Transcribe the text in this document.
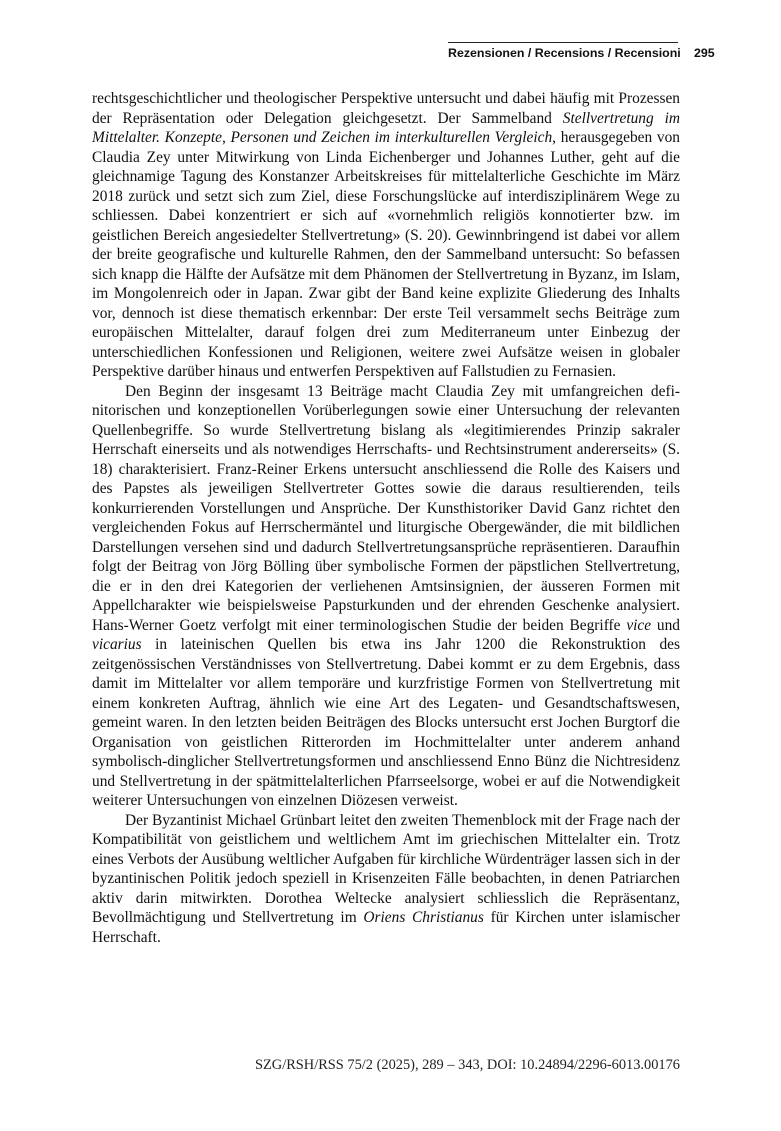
Rezensionen / Recensions / Recensioni 295

rechtsgeschichtlicher und theologischer Perspektive untersucht und dabei häufig mit Prozessen der Repräsentation oder Delegation gleichgesetzt. Der Sammelband Stellvertretung im Mittelalter. Konzepte, Personen und Zeichen im interkulturellen Vergleich, herausgegeben von Claudia Zey unter Mitwirkung von Linda Eichenberger und Johannes Luther, geht auf die gleichnamige Tagung des Konstanzer Arbeitskreises für mittelalterliche Geschichte im März 2018 zurück und setzt sich zum Ziel, diese Forschungslücke auf interdisziplinärem Wege zu schliessen. Dabei konzentriert er sich auf «vornehmlich religiös konnotierter bzw. im geistlichen Bereich angesiedelter Stellvertretung» (S. 20). Gewinnbringend ist dabei vor allem der breite geografische und kulturelle Rahmen, den der Sammelband untersucht: So befassen sich knapp die Hälfte der Aufsätze mit dem Phänomen der Stellvertretung in Byzanz, im Islam, im Mongolenreich oder in Japan. Zwar gibt der Band keine explizite Gliederung des Inhalts vor, dennoch ist diese thematisch erkennbar: Der erste Teil versammelt sechs Beiträge zum europäischen Mittelalter, darauf folgen drei zum Mediterraneum unter Einbezug der unterschiedlichen Konfessionen und Religionen, weitere zwei Aufsätze weisen in globaler Perspektive darüber hinaus und entwerfen Perspektiven auf Fallstudien zu Fernasien.

Den Beginn der insgesamt 13 Beiträge macht Claudia Zey mit umfangreichen definitorischen und konzeptionellen Vorüberlegungen sowie einer Untersuchung der relevanten Quellenbegriffe. So wurde Stellvertretung bislang als «legitimierendes Prinzip sakraler Herrschaft einerseits und als notwendiges Herrschafts- und Rechtsinstrument andererseits» (S. 18) charakterisiert. Franz-Reiner Erkens untersucht anschliessend die Rolle des Kaisers und des Papstes als jeweiligen Stellvertreter Gottes sowie die daraus resultierenden, teils konkurrierenden Vorstellungen und Ansprüche. Der Kunsthistoriker David Ganz richtet den vergleichenden Fokus auf Herrschermäntel und liturgische Obergewänder, die mit bildlichen Darstellungen versehen sind und dadurch Stellvertretungsansprüche repräsentieren. Daraufhin folgt der Beitrag von Jörg Bölling über symbolische Formen der päpstlichen Stellvertretung, die er in den drei Kategorien der verliehenen Amtsinsignien, der äusseren Formen mit Appellcharakter wie beispielsweise Papsturkunden und der ehrenden Geschenke analysiert. Hans-Werner Goetz verfolgt mit einer terminologischen Studie der beiden Begriffe vice und vicarius in lateinischen Quellen bis etwa ins Jahr 1200 die Rekonstruktion des zeitgenössischen Verständnisses von Stellvertretung. Dabei kommt er zu dem Ergebnis, dass damit im Mittelalter vor allem temporäre und kurzfristige Formen von Stellvertretung mit einem konkreten Auftrag, ähnlich wie eine Art des Legaten- und Gesandtschaftswesen, gemeint waren. In den letzten beiden Beiträgen des Blocks untersucht erst Jochen Burgtorf die Organisation von geistlichen Ritterorden im Hochmittelalter unter anderem anhand symbolisch-dinglicher Stellvertretungsformen und anschliessend Enno Bünz die Nichtresidenz und Stellvertretung in der spätmittelalterlichen Pfarrseelsorge, wobei er auf die Notwendigkeit weiterer Untersuchungen von einzelnen Diözesen verweist.

Der Byzantinist Michael Grünbart leitet den zweiten Themenblock mit der Frage nach der Kompatibilität von geistlichem und weltlichem Amt im griechischen Mittelalter ein. Trotz eines Verbots der Ausübung weltlicher Aufgaben für kirchliche Würdenträger lassen sich in der byzantinischen Politik jedoch speziell in Krisenzeiten Fälle beobachten, in denen Patriarchen aktiv darin mitwirkten. Dorothea Weltecke analysiert schliesslich die Repräsentanz, Bevollmächtigung und Stellvertretung im Oriens Christianus für Kirchen unter islamischer Herrschaft.

SZG/RSH/RSS 75/2 (2025) , 289 – 343 , DOI: 10.24894/2296-6013.00176
